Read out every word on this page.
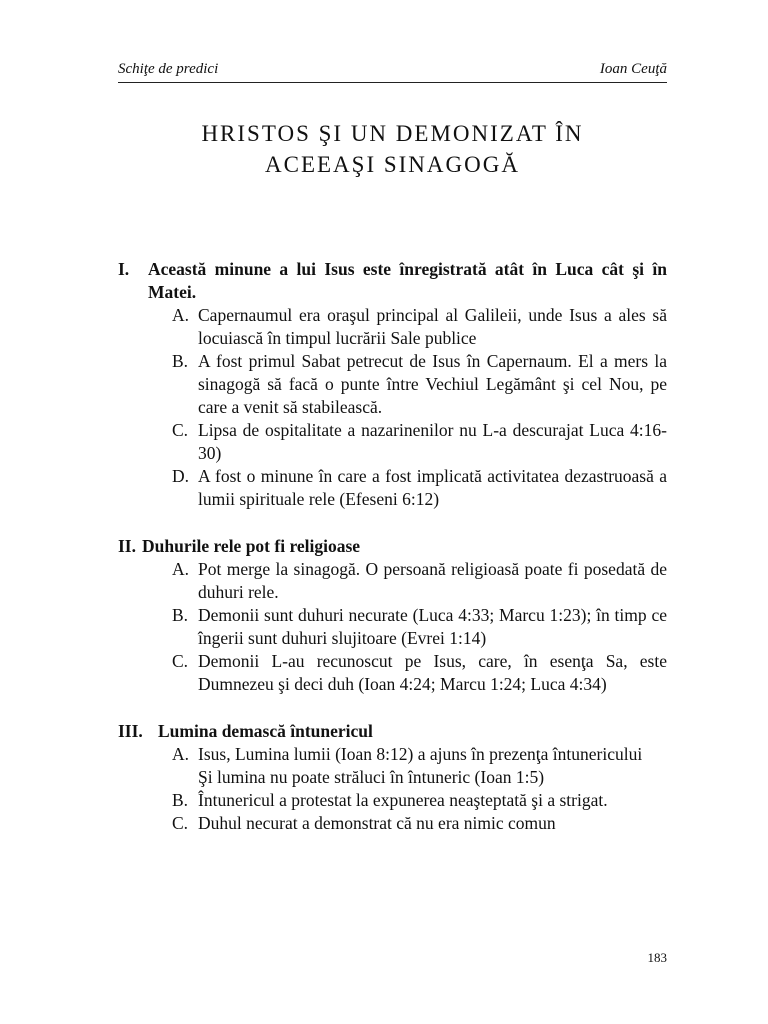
Schiţe de predici	Ioan Ceuţă
HRISTOS ŞI UN DEMONIZAT ÎN
ACEEAŞI SINAGOGĂ
I.	Această minune a lui Isus este înregistrată atât în Luca cât şi în Matei.
A. Capernaumul era oraşul principal al Galileii, unde Isus a ales să locuiască în timpul lucrării Sale publice
B. A fost primul Sabat petrecut de Isus în Capernaum. El a mers la sinagogă să facă o punte între Vechiul Legământ şi cel Nou, pe care a venit să stabilească.
C. Lipsa de ospitalitate a nazarinenilor nu L-a descurajat Luca 4:16-30)
D. A fost o minune în care a fost implicată activitatea dezastruoasă a lumii spirituale rele (Efeseni 6:12)
II. Duhurile rele pot fi religioase
A. Pot merge la sinagogă. O persoană religioasă poate fi posedată de duhuri rele.
B. Demonii sunt duhuri necurate (Luca 4:33; Marcu 1:23); în timp ce îngerii sunt duhuri slujitoare (Evrei 1:14)
C. Demonii L-au recunoscut pe Isus, care, în esenţa Sa, este Dumnezeu şi deci duh (Ioan 4:24; Marcu 1:24; Luca 4:34)
III. Lumina demască întunericul
A. Isus, Lumina lumii (Ioan 8:12) a ajuns în prezenţa întunericului
Şi lumina nu poate străluci în întuneric (Ioan 1:5)
B. Întunericul a protestat la expunerea neaşteptată şi a strigat.
C. Duhul necurat a demonstrat că nu era nimic comun
183
